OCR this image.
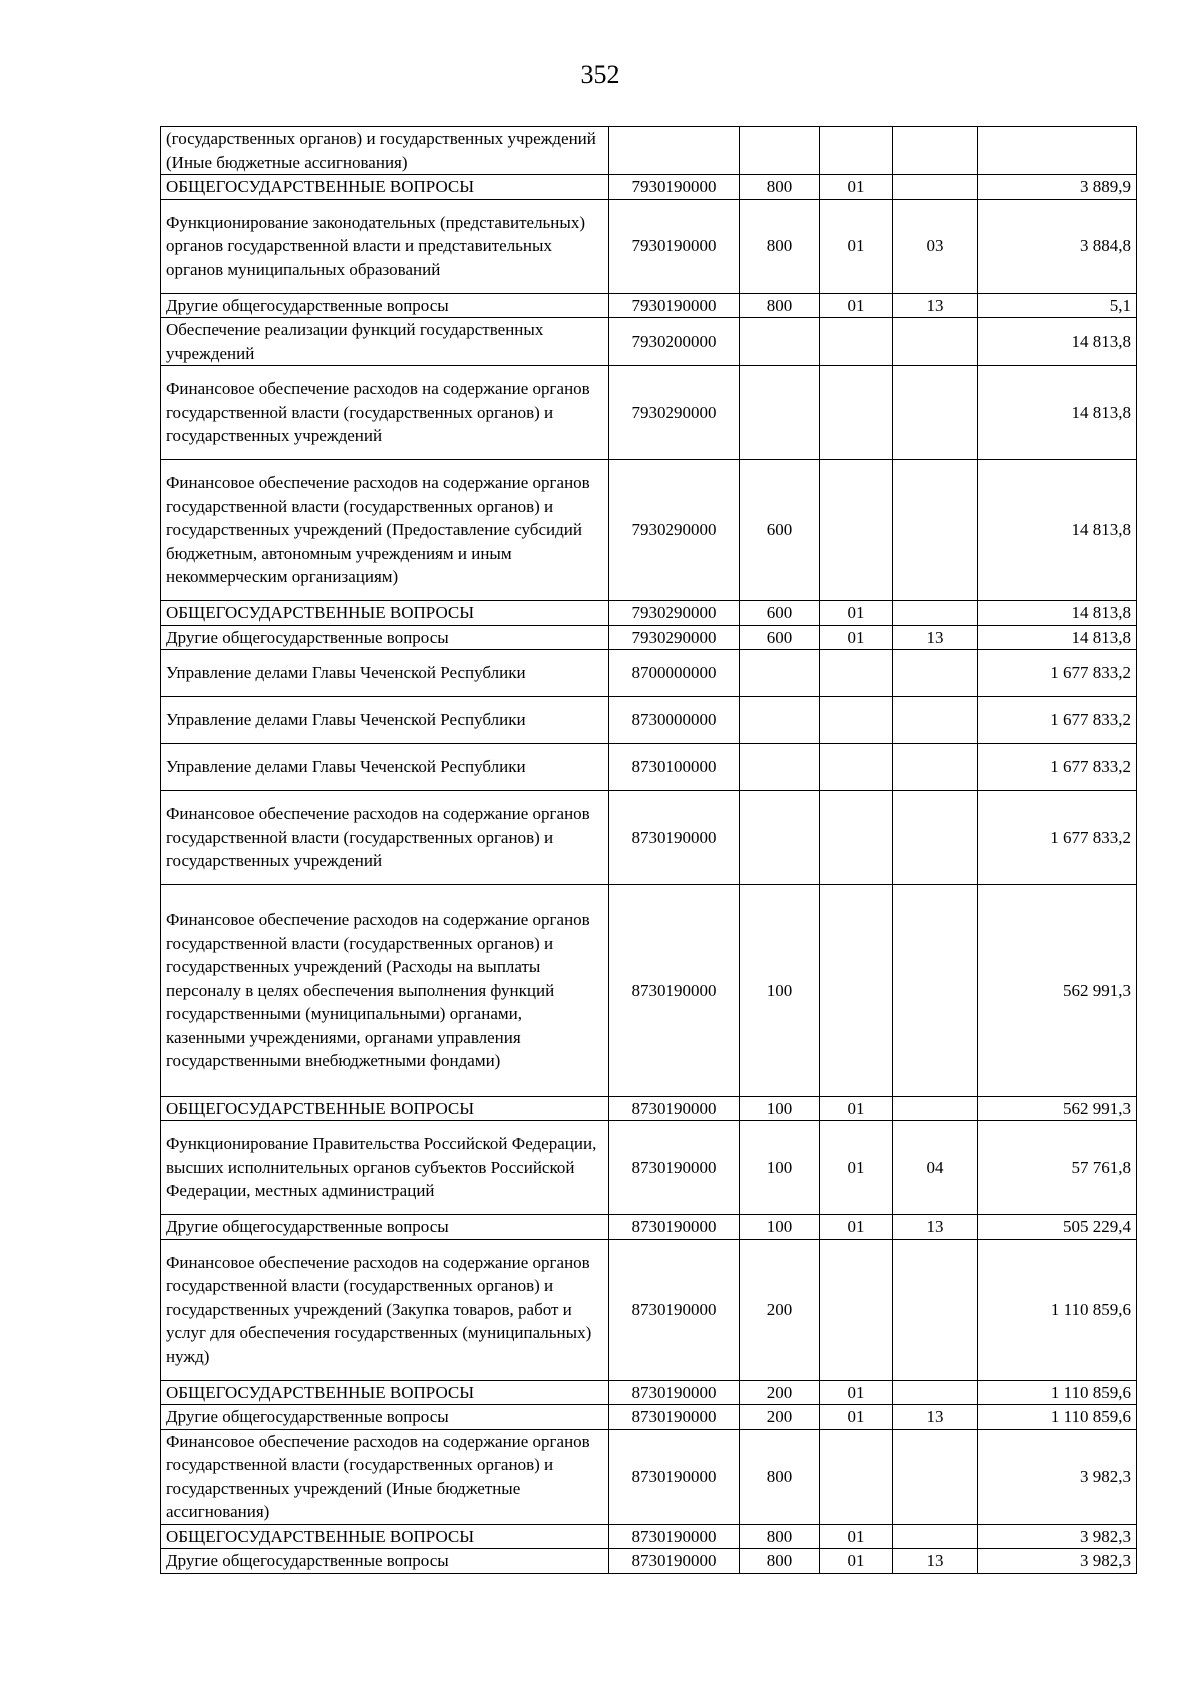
352
(государственных органов) и государственных учреждений (Иные бюджетные ассигнования)					
ОБЩЕГОСУДАРСТВЕННЫЕ ВОПРОСЫ	7930190000	800	01		3 889,9
Функционирование законодательных (представительных) органов государственной власти и представительных органов муниципальных образований	7930190000	800	01	03	3 884,8
Другие общегосударственные вопросы	7930190000	800	01	13	5,1
Обеспечение реализации функций государственных учреждений	7930200000				14 813,8
Финансовое обеспечение расходов на содержание органов государственной власти (государственных органов) и государственных учреждений	7930290000				14 813,8
Финансовое обеспечение расходов на содержание органов государственной власти (государственных органов) и государственных учреждений (Предоставление субсидий бюджетным, автономным учреждениям и иным некоммерческим организациям)	7930290000	600			14 813,8
ОБЩЕГОСУДАРСТВЕННЫЕ ВОПРОСЫ	7930290000	600	01		14 813,8
Другие общегосударственные вопросы	7930290000	600	01	13	14 813,8
Управление делами Главы Чеченской Республики	8700000000				1 677 833,2
Управление делами Главы Чеченской Республики	8730000000				1 677 833,2
Управление делами Главы Чеченской Республики	8730100000				1 677 833,2
Финансовое обеспечение расходов на содержание органов государственной власти (государственных органов) и государственных учреждений	8730190000				1 677 833,2
Финансовое обеспечение расходов на содержание органов государственной власти (государственных органов) и государственных учреждений (Расходы на выплаты персоналу в целях обеспечения выполнения функций государственными (муниципальными) органами, казенными учреждениями, органами управления государственными внебюджетными фондами)	8730190000	100			562 991,3
ОБЩЕГОСУДАРСТВЕННЫЕ ВОПРОСЫ	8730190000	100	01		562 991,3
Функционирование Правительства Российской Федерации, высших исполнительных органов субъектов Российской Федерации, местных администраций	8730190000	100	01	04	57 761,8
Другие общегосударственные вопросы	8730190000	100	01	13	505 229,4
Финансовое обеспечение расходов на содержание органов государственной власти (государственных органов) и государственных учреждений (Закупка товаров, работ и услуг для обеспечения государственных (муниципальных) нужд)	8730190000	200			1 110 859,6
ОБЩЕГОСУДАРСТВЕННЫЕ ВОПРОСЫ	8730190000	200	01		1 110 859,6
Другие общегосударственные вопросы	8730190000	200	01	13	1 110 859,6
Финансовое обеспечение расходов на содержание органов государственной власти (государственных органов) и государственных учреждений (Иные бюджетные ассигнования)	8730190000	800			3 982,3
ОБЩЕГОСУДАРСТВЕННЫЕ ВОПРОСЫ	8730190000	800	01		3 982,3
Другие общегосударственные вопросы	8730190000	800	01	13	3 982,3
